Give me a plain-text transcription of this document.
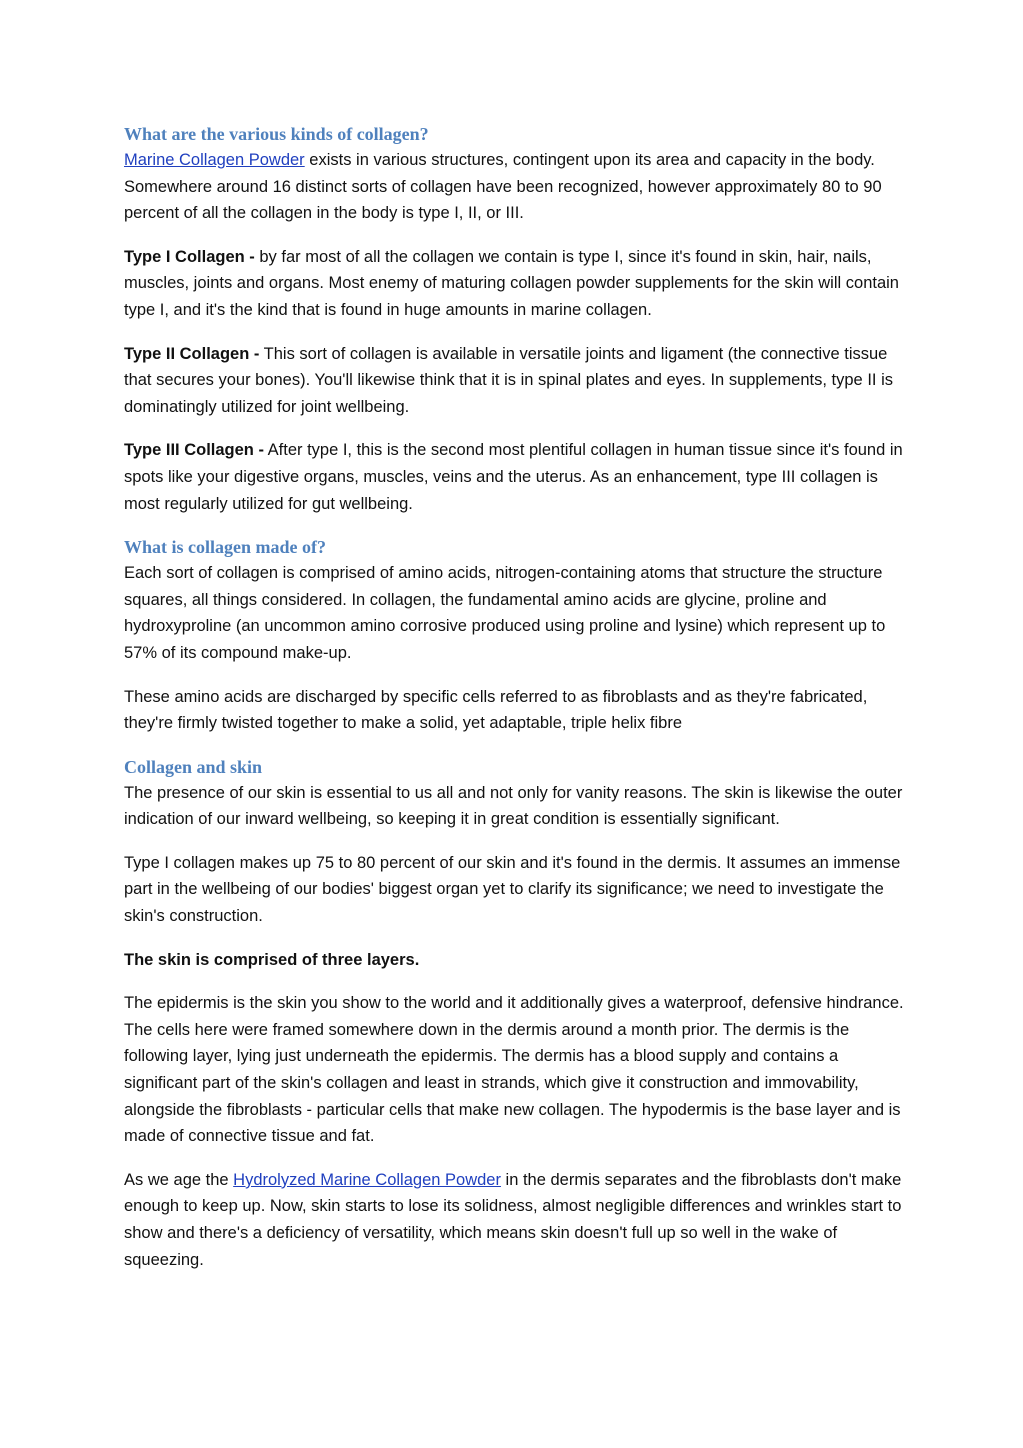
What are the various kinds of collagen?

Marine Collagen Powder exists in various structures, contingent upon its area and capacity in the body. Somewhere around 16 distinct sorts of collagen have been recognized, however approximately 80 to 90 percent of all the collagen in the body is type I, II, or III.

Type I Collagen - by far most of all the collagen we contain is type I, since it's found in skin, hair, nails, muscles, joints and organs. Most enemy of maturing collagen powder supplements for the skin will contain type I, and it's the kind that is found in huge amounts in marine collagen.

Type II Collagen - This sort of collagen is available in versatile joints and ligament (the connective tissue that secures your bones). You'll likewise think that it is in spinal plates and eyes. In supplements, type II is dominatingly utilized for joint wellbeing.

Type III Collagen - After type I, this is the second most plentiful collagen in human tissue since it's found in spots like your digestive organs, muscles, veins and the uterus. As an enhancement, type III collagen is most regularly utilized for gut wellbeing.

What is collagen made of?

Each sort of collagen is comprised of amino acids, nitrogen-containing atoms that structure the structure squares, all things considered. In collagen, the fundamental amino acids are glycine, proline and hydroxyproline (an uncommon amino corrosive produced using proline and lysine) which represent up to 57% of its compound make-up.

These amino acids are discharged by specific cells referred to as fibroblasts and as they're fabricated, they're firmly twisted together to make a solid, yet adaptable, triple helix fibre

Collagen and skin

The presence of our skin is essential to us all and not only for vanity reasons. The skin is likewise the outer indication of our inward wellbeing, so keeping it in great condition is essentially significant.

Type I collagen makes up 75 to 80 percent of our skin and it's found in the dermis. It assumes an immense part in the wellbeing of our bodies' biggest organ yet to clarify its significance; we need to investigate the skin's construction.

The skin is comprised of three layers.

The epidermis is the skin you show to the world and it additionally gives a waterproof, defensive hindrance. The cells here were framed somewhere down in the dermis around a month prior. The dermis is the following layer, lying just underneath the epidermis. The dermis has a blood supply and contains a significant part of the skin's collagen and least in strands, which give it construction and immovability, alongside the fibroblasts - particular cells that make new collagen. The hypodermis is the base layer and is made of connective tissue and fat.

As we age the Hydrolyzed Marine Collagen Powder in the dermis separates and the fibroblasts don't make enough to keep up. Now, skin starts to lose its solidness, almost negligible differences and wrinkles start to show and there's a deficiency of versatility, which means skin doesn't full up so well in the wake of squeezing.
